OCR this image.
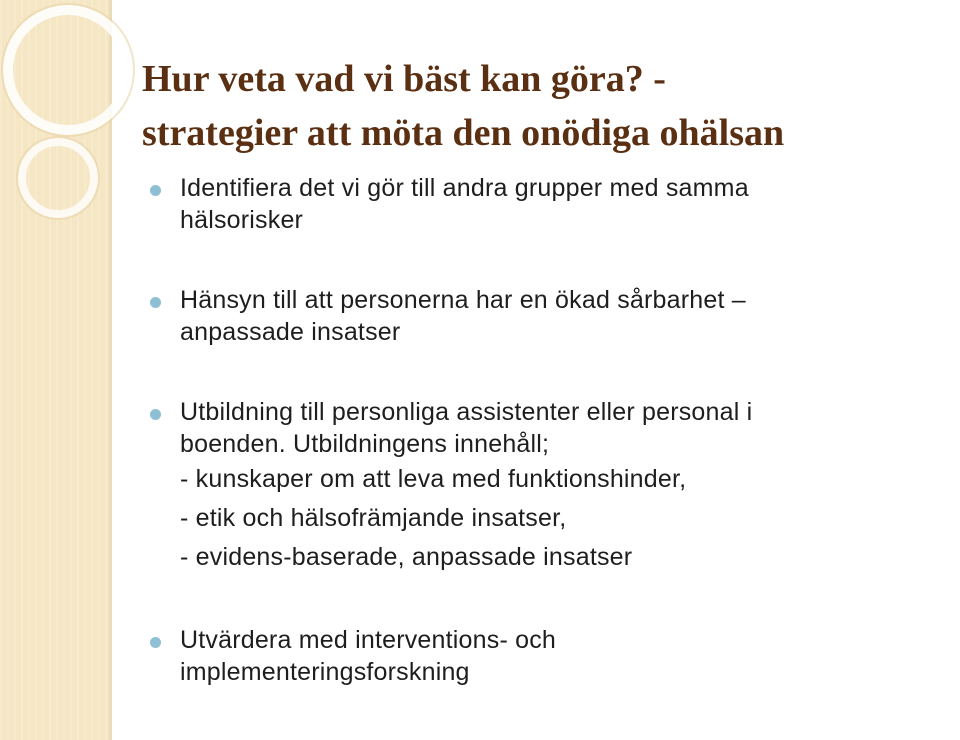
Hur veta vad vi bäst kan göra? -
strategier att möta den onödiga ohälsan
Identifiera det vi gör till andra grupper med samma
hälsorisker
Hänsyn till att personerna har en ökad sårbarhet –
anpassade insatser
Utbildning till personliga assistenter eller personal i
boenden. Utbildningens innehåll;
- kunskaper om att leva med funktionshinder,
- etik och hälsofrämjande insatser,
- evidens-baserade, anpassade insatser
Utvärdera med interventions- och
implementeringsforskning
